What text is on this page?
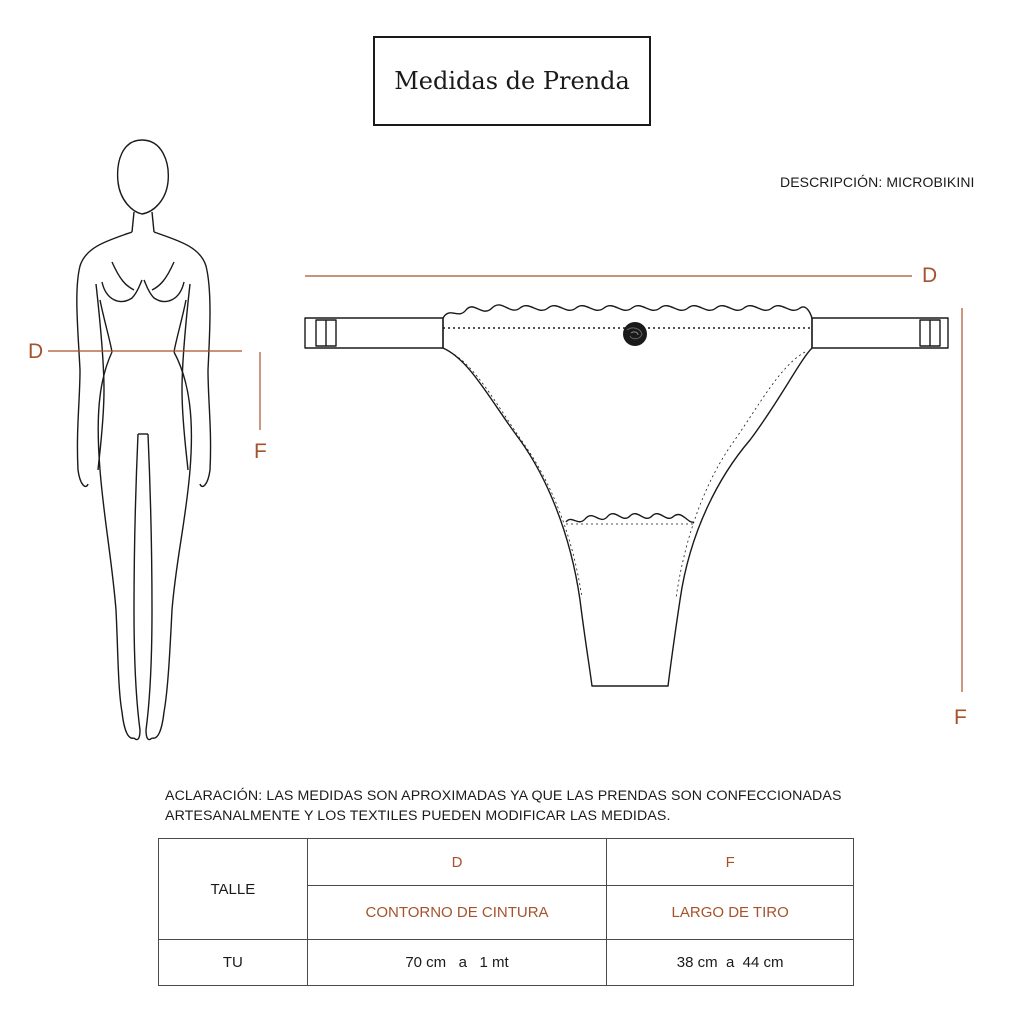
Medidas de Prenda
DESCRIPCIÓN: MICROBIKINI
D
F
D
F
ACLARACIÓN: LAS MEDIDAS SON APROXIMADAS YA QUE LAS PRENDAS SON CONFECCIONADAS ARTESANALMENTE Y LOS TEXTILES PUEDEN MODIFICAR LAS MEDIDAS.
TALLE	D	F
	CONTORNO DE CINTURA	LARGO DE TIRO
TU	70 cm   a   1 mt	38 cm  a  44 cm
